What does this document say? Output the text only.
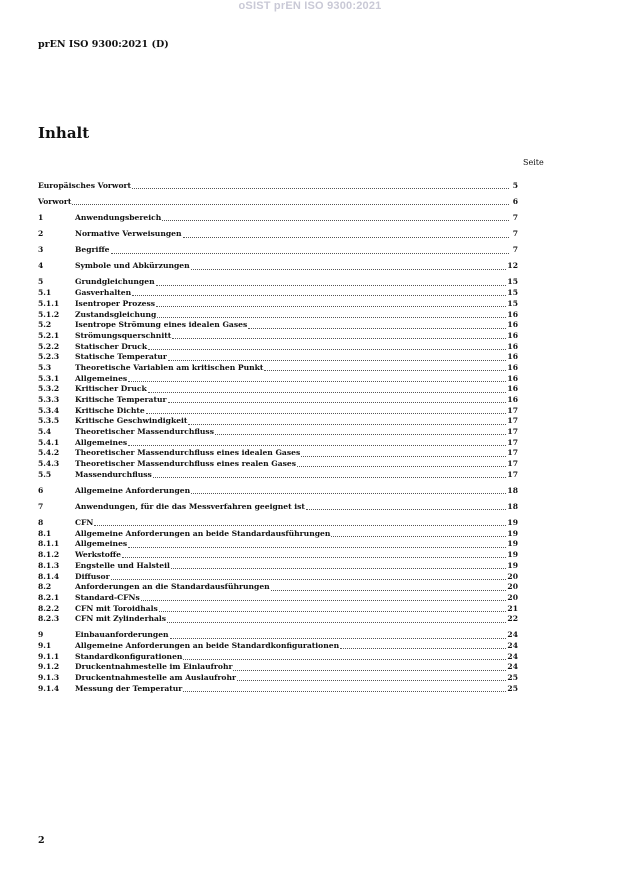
oSIST prEN ISO 9300:2021
prEN ISO 9300:2021 (D)
Inhalt
Seite
Europäisches Vorwort	5
Vorwort	6
1	Anwendungsbereich	7
2	Normative Verweisungen	7
3	Begriffe	7
4	Symbole und Abkürzungen	12
5	Grundgleichungen	15
5.1	Gasverhalten	15
5.1.1	Isentroper Prozess	15
5.1.2	Zustandsgleichung	16
5.2	Isentrope Strömung eines idealen Gases	16
5.2.1	Strömungsquerschnitt	16
5.2.2	Statischer Druck	16
5.2.3	Statische Temperatur	16
5.3	Theoretische Variablen am kritischen Punkt	16
5.3.1	Allgemeines	16
5.3.2	Kritischer Druck	16
5.3.3	Kritische Temperatur	16
5.3.4	Kritische Dichte	17
5.3.5	Kritische Geschwindigkeit	17
5.4	Theoretischer Massendurchfluss	17
5.4.1	Allgemeines	17
5.4.2	Theoretischer Massendurchfluss eines idealen Gases	17
5.4.3	Theoretischer Massendurchfluss eines realen Gases	17
5.5	Massendurchfluss	17
6	Allgemeine Anforderungen	18
7	Anwendungen, für die das Messverfahren geeignet ist	18
8	CFN	19
8.1	Allgemeine Anforderungen an beide Standardausführungen	19
8.1.1	Allgemeines	19
8.1.2	Werkstoffe	19
8.1.3	Engstelle und Halsteil	19
8.1.4	Diffusor	20
8.2	Anforderungen an die Standardausführungen	20
8.2.1	Standard-CFNs	20
8.2.2	CFN mit Toroidhals	21
8.2.3	CFN mit Zylinderhals	22
9	Einbauanforderungen	24
9.1	Allgemeine Anforderungen an beide Standardkonfigurationen	24
9.1.1	Standardkonfigurationen	24
9.1.2	Druckentnahmestelle im Einlaufrohr	24
9.1.3	Druckentnahmestelle am Auslaufrohr	25
9.1.4	Messung der Temperatur	25
2
